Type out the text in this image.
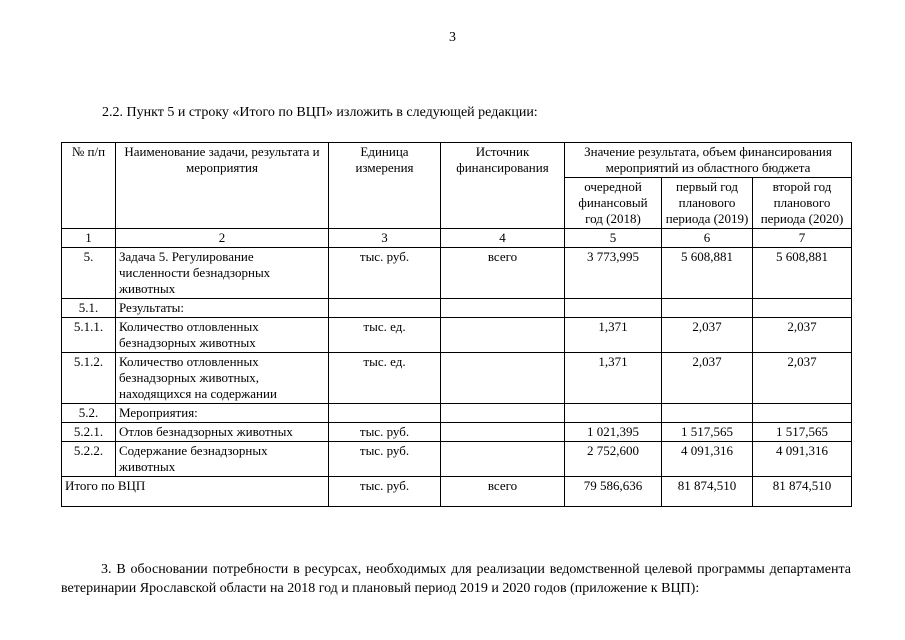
3
2.2. Пункт 5 и строку «Итого по ВЦП» изложить в следующей редакции:
№ п/п	Наименование задачи, результата и мероприятия	Единица измерения	Источник финансирования	Значение результата, объем финансирования мероприятий из областного бюджета		
				очередной финансовый год (2018)	первый год планового периода (2019)	второй год планового периода (2020)
1	2	3	4	5	6	7
5.	Задача 5. Регулирование численности безнадзорных животных	тыс. руб.	всего	3 773,995	5 608,881	5 608,881
5.1.	Результаты:					
5.1.1.	Количество отловленных безнадзорных животных	тыс. ед.		1,371	2,037	2,037
5.1.2.	Количество отловленных безнадзорных животных, находящихся на содержании	тыс. ед.		1,371	2,037	2,037
5.2.	Мероприятия:					
5.2.1.	Отлов безнадзорных животных	тыс. руб.		1 021,395	1 517,565	1 517,565
5.2.2.	Содержание безнадзорных животных	тыс. руб.		2 752,600	4 091,316	4 091,316
Итого по ВЦП		тыс. руб.	всего	79 586,636	81 874,510	81 874,510
3. В обосновании потребности в ресурсах, необходимых для реализации ведомственной целевой программы департамента ветеринарии Ярославской области на 2018 год и плановый период 2019 и 2020 годов (приложение к ВЦП):
